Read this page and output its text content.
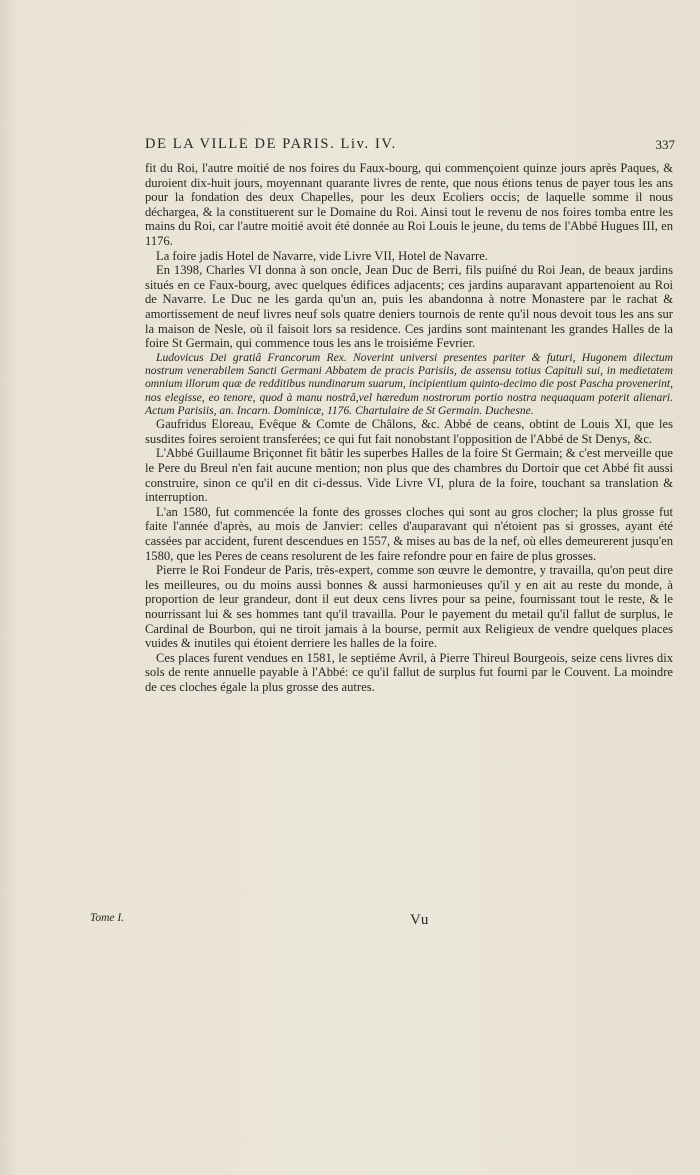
DE LA VILLE DE PARIS. Liv. IV.	337

fit du Roi, l'autre moitié de nos foires du Faux-bourg, qui commençoient quinze jours après Paques, & duroient dix-huit jours, moyennant quarante livres de rente, que nous étions tenus de payer tous les ans pour la fondation des deux Chapelles, pour les deux Ecoliers occis; de laquelle somme il nous déchargea, & la constituerent sur le Domaine du Roi. Ainsi tout le revenu de nos foires tomba entre les mains du Roi, car l'autre moitié avoit été donnée au Roi Louis le jeune, du tems de l'Abbé Hugues III, en 1176.

La foire jadis Hotel de Navarre, vide Livre VII, Hotel de Navarre.

En 1398, Charles VI donna à son oncle, Jean Duc de Berri, fils puiſné du Roi Jean, de beaux jardins situés en ce Faux-bourg, avec quelques édifices adjacents; ces jardins auparavant appartenoient au Roi de Navarre. Le Duc ne les garda qu'un an, puis les abandonna à notre Monastere par le rachat & amortissement de neuf livres neuf sols quatre deniers tournois de rente qu'il nous devoit tous les ans sur la maison de Nesle, où il faisoit lors sa residence. Ces jardins sont maintenant les grandes Halles de la foire St Germain, qui commence tous les ans le troisiéme Fevrier.

Ludovicus Dei gratiâ Francorum Rex. Noverint universi presentes pariter & futuri, Hugonem dilectum nostrum venerabilem Sancti Germani Abbatem de pracis Parisiis, de assensu totius Capituli sui, in medietatem omnium illorum quæ de redditibus nundinarum suarum, incipientium quinto-decimo die post Pascha provenerint, nos elegisse, eo tenore, quod à manu nostrâ,vel hæredum nostrorum portio nostra nequaquam poterit alienari. Actum Parisiis, an. Incarn. Dominicæ, 1176. Chartulaire de St Germain. Duchesne.

Gaufridus Eloreau, Evêque & Comte de Châlons, &c. Abbé de ceans, obtint de Louis XI, que les susdites foires seroient transferées; ce qui fut fait nonobstant l'opposition de l'Abbé de St Denys, &c.

L'Abbé Guillaume Briçonnet fit bâtir les superbes Halles de la foire St Germain; & c'est merveille que le Pere du Breul n'en fait aucune mention; non plus que des chambres du Dortoir que cet Abbé fit aussi construire, sinon ce qu'il en dit ci-dessus. Vide Livre VI, plura de la foire, touchant sa translation & interruption.

L'an 1580, fut commencée la fonte des grosses cloches qui sont au gros clocher; la plus grosse fut faite l'année d'après, au mois de Janvier: celles d'auparavant qui n'étoient pas si grosses, ayant été cassées par accident, furent descendues en 1557, & mises au bas de la nef, où elles demeurerent jusqu'en 1580, que les Peres de ceans resolurent de les faire refondre pour en faire de plus grosses.

Pierre le Roi Fondeur de Paris, très-expert, comme son œuvre le demontre, y travailla, qu'on peut dire les meilleures, ou du moins aussi bonnes & aussi harmonieuses qu'il y en ait au reste du monde, à proportion de leur grandeur, dont il eut deux cens livres pour sa peine, fournissant tout le reste, & le nourrissant lui & ses hommes tant qu'il travailla. Pour le payement du metail qu'il fallut de surplus, le Cardinal de Bourbon, qui ne tiroit jamais à la bourse, permit aux Religieux de vendre quelques places vuides & inutiles qui étoient derriere les halles de la foire.

Ces places furent vendues en 1581, le septiéme Avril, à Pierre Thireul Bourgeois, seize cens livres dix sols de rente annuelle payable à l'Abbé: ce qu'il fallut de surplus fut fourni par le Couvent. La moindre de ces cloches égale la plus grosse des autres.

Tome I.	Vu
